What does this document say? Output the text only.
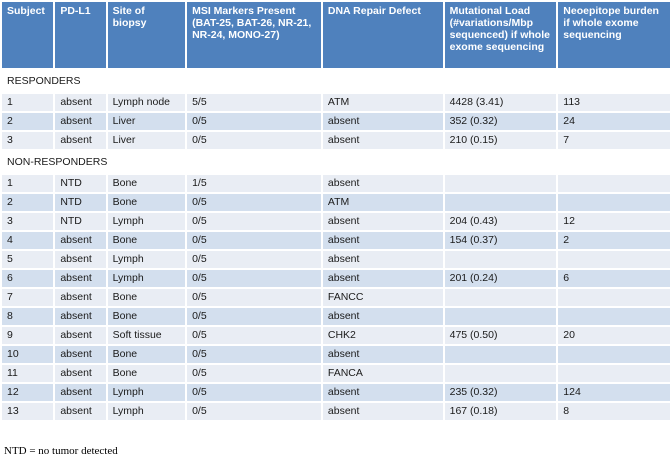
Subject	PD-L1	Site of biopsy	MSI Markers Present (BAT-25, BAT-26, NR-21, NR-24, MONO-27)	DNA Repair Defect	Mutational Load (#variations/Mbp sequenced) if whole exome sequencing	Neoepitope burden if whole exome sequencing
RESPONDERS						
1	absent	Lymph node	5/5	ATM	4428 (3.41)	113
2	absent	Liver	0/5	absent	352 (0.32)	24
3	absent	Liver	0/5	absent	210 (0.15)	7
NON-RESPONDERS						
1	NTD	Bone	1/5	absent		
2	NTD	Bone	0/5	ATM		
3	NTD	Lymph	0/5	absent	204 (0.43)	12
4	absent	Bone	0/5	absent	154 (0.37)	2
5	absent	Lymph	0/5	absent		
6	absent	Lymph	0/5	absent	201 (0.24)	6
7	absent	Bone	0/5	FANCC		
8	absent	Bone	0/5	absent		
9	absent	Soft tissue	0/5	CHK2	475 (0.50)	20
10	absent	Bone	0/5	absent		
11	absent	Bone	0/5	FANCA		
12	absent	Lymph	0/5	absent	235 (0.32)	124
13	absent	Lymph	0/5	absent	167 (0.18)	8
NTD = no tumor detected
